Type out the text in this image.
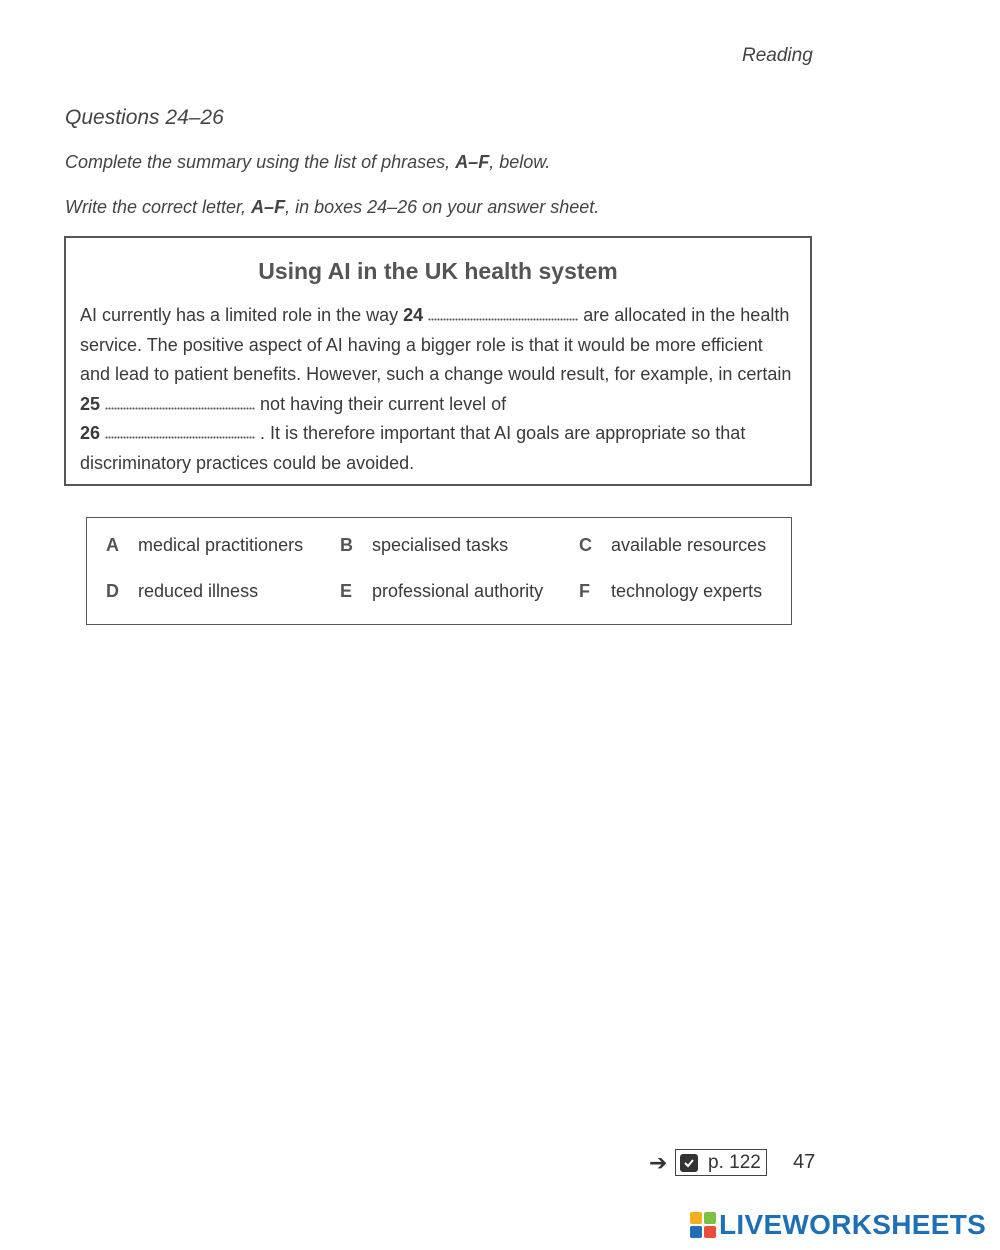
Reading
Questions 24–26
Complete the summary using the list of phrases, A–F, below.
Write the correct letter, A–F, in boxes 24–26 on your answer sheet.
Using AI in the UK health system
AI currently has a limited role in the way 24	are allocated in the health service. The positive aspect of AI having a bigger role is that it would be more efficient and lead to patient benefits. However, such a change would result, for example, in certain 25	not having their current level of
26	. It is therefore important that AI goals are appropriate so that discriminatory practices could be avoided.
A medical practitioners B specialised tasks	C available resources
D reduced illness	E professional authority F technology experts
➔ p. 122 47
LIVEWORKSHEETS
